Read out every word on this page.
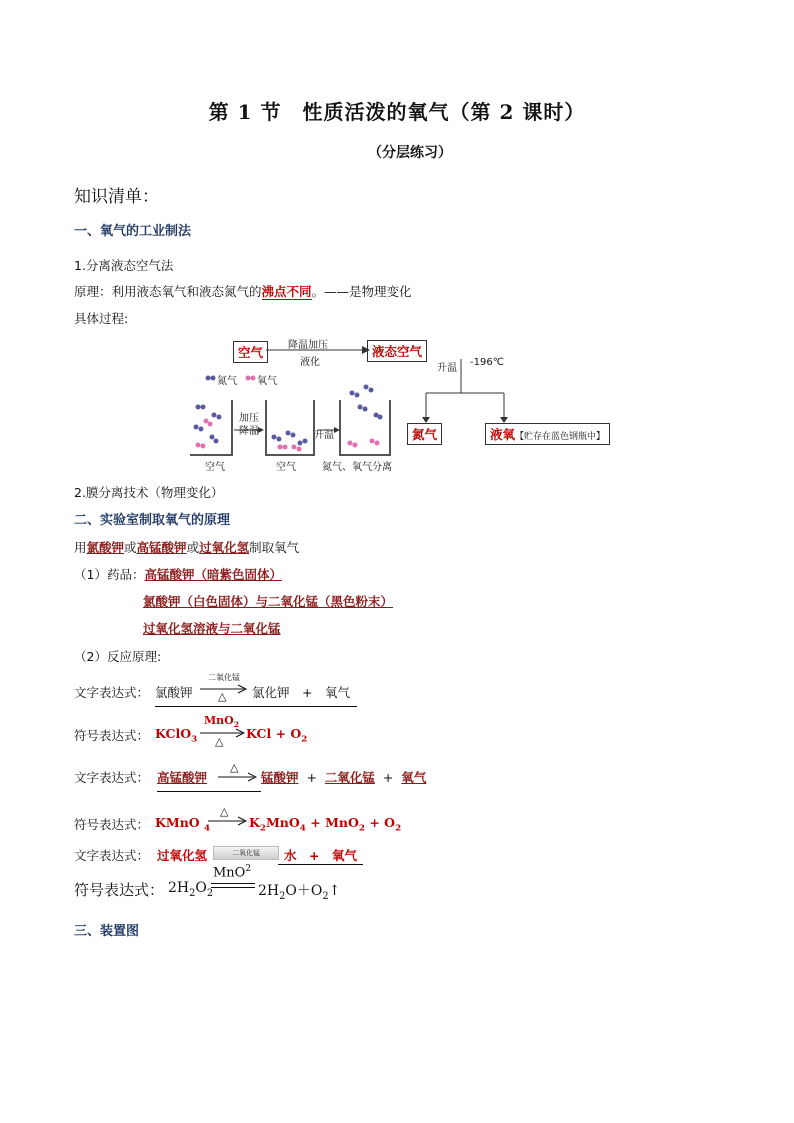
第 1 节　性质活泼的氧气（第 2 课时）
（分层练习）
知识清单：
一、氧气的工业制法
1.分离液态空气法
原理：利用液态氧气和液态氮气的沸点不同。——是物理变化
具体过程:
空气	降温加压
液化
液态空气
升温
-196℃
氮气	液氧【贮存在蓝色钢瓶中】
氮气 氧气
加压
降温	升温
空气	空气	氮气、氧气分离
2.膜分离技术（物理变化）
二、实验室制取氧气的原理
用氯酸钾或高锰酸钾或过氧化氢制取氧气
（1）药品：高锰酸钾（暗紫色固体）
氯酸钾（白色固体）与二氧化锰（黑色粉末）
过氧化氢溶液与二氧化锰
（2）反应原理:
文字表达式： 氯酸钾
二氧化锰
△ 氯化钾　+　氧气
符号表达式： KClO$_3$
MnO$_2$
△
KCl + $O_2$
文字表达式： 高锰酸钾
△
锰酸钾 + 二氧化锰 + 氧气
符号表达式： KMnO $_4$
△
$K_2MnO_4 + MnO_2 + O_2$
文字表达式： 过氧化氢	二氧化锰	水　+　氧气
符号表达式： $2H_2O_2$
MnO$^2$
$2H_2O+O_2↑$
三、装置图
